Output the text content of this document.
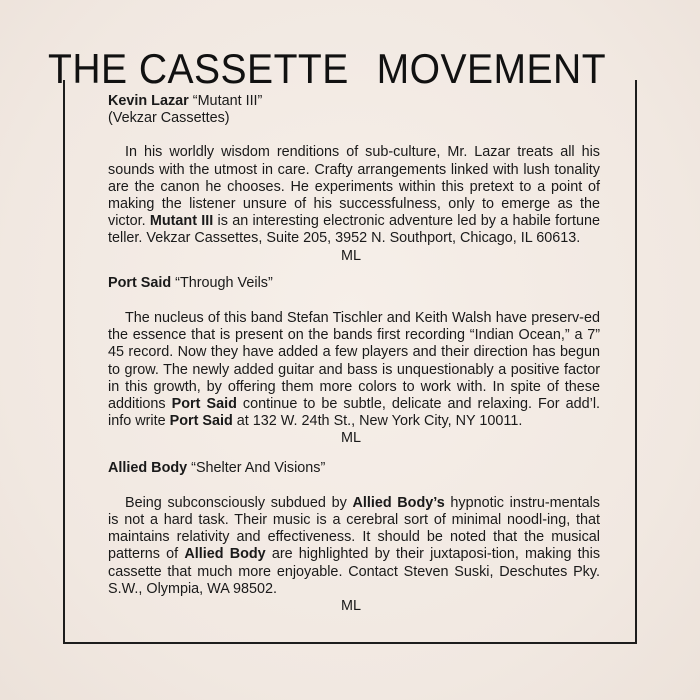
THE CASSETTE MOVEMENT

Kevin Lazar “Mutant III”

(Vekzar Cassettes)

In his worldly wisdom renditions of sub-culture, Mr. Lazar treats all his sounds with the utmost in care. Crafty arrangements linked with lush tonality are the canon he chooses. He experiments within this pretext to a point of making the listener unsure of his successfulness, only to emerge as the victor. Mutant III is an interesting electronic adventure led by a habile fortune teller. Vekzar Cassettes, Suite 205, 3952 N. Southport, Chicago, IL 60613.

ML

Port Said “Through Veils”

The nucleus of this band Stefan Tischler and Keith Walsh have preserv-ed the essence that is present on the bands first recording “Indian Ocean,” a 7” 45 record. Now they have added a few players and their direction has begun to grow. The newly added guitar and bass is unquestionably a positive factor in this growth, by offering them more colors to work with. In spite of these additions Port Said continue to be subtle, delicate and relaxing. For add’l. info write Port Said at 132 W. 24th St., New York City, NY 10011.

ML

Allied Body “Shelter And Visions”

Being subconsciously subdued by Allied Body’s hypnotic instru-mentals is not a hard task. Their music is a cerebral sort of minimal noodl-ing, that maintains relativity and effectiveness. It should be noted that the musical patterns of Allied Body are highlighted by their juxtaposi-tion, making this cassette that much more enjoyable. Contact Steven Suski, Deschutes Pky. S.W., Olympia, WA 98502.

ML
